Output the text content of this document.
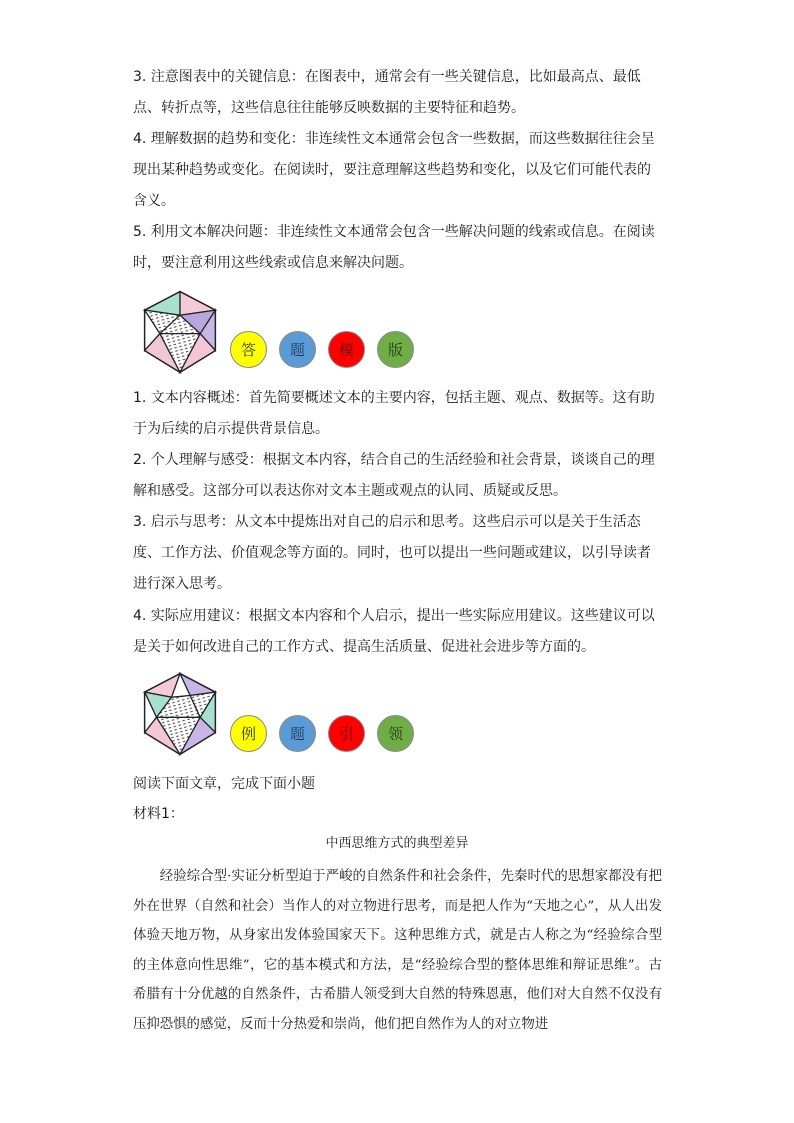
3. 注意图表中的关键信息：在图表中，通常会有一些关键信息，比如最高点、最低点、转折点等，这些信息往往能够反映数据的主要特征和趋势。

4. 理解数据的趋势和变化：非连续性文本通常会包含一些数据，而这些数据往往会呈现出某种趋势或变化。在阅读时，要注意理解这些趋势和变化，以及它们可能代表的含义。

5. 利用文本解决问题：非连续性文本通常会包含一些解决问题的线索或信息。在阅读时，要注意利用这些线索或信息来解决问题。

答	题	模	版

1. 文本内容概述：首先简要概述文本的主要内容，包括主题、观点、数据等。这有助于为后续的启示提供背景信息。

2. 个人理解与感受：根据文本内容，结合自己的生活经验和社会背景，谈谈自己的理解和感受。这部分可以表达你对文本主题或观点的认同、质疑或反思。

3. 启示与思考：从文本中提炼出对自己的启示和思考。这些启示可以是关于生活态度、工作方法、价值观念等方面的。同时，也可以提出一些问题或建议，以引导读者进行深入思考。

4. 实际应用建议：根据文本内容和个人启示，提出一些实际应用建议。这些建议可以是关于如何改进自己的工作方式、提高生活质量、促进社会进步等方面的。

例	题	引	领

阅读下面文章，完成下面小题

材料1：

中西思维方式的典型差异

经验综合型·实证分析型迫于严峻的自然条件和社会条件，先秦时代的思想家都没有把外在世界（自然和社会）当作人的对立物进行思考，而是把人作为“天地之心”，从人出发体验天地万物，从身家出发体验国家天下。这种思维方式，就是古人称之为“经验综合型的主体意向性思维”，它的基本模式和方法，是“经验综合型的整体思维和辩证思维”。古希腊有十分优越的自然条件，古希腊人领受到大自然的特殊恩惠，他们对大自然不仅没有压抑恐惧的感觉，反而十分热爱和崇尚，他们把自然作为人的对立物进
